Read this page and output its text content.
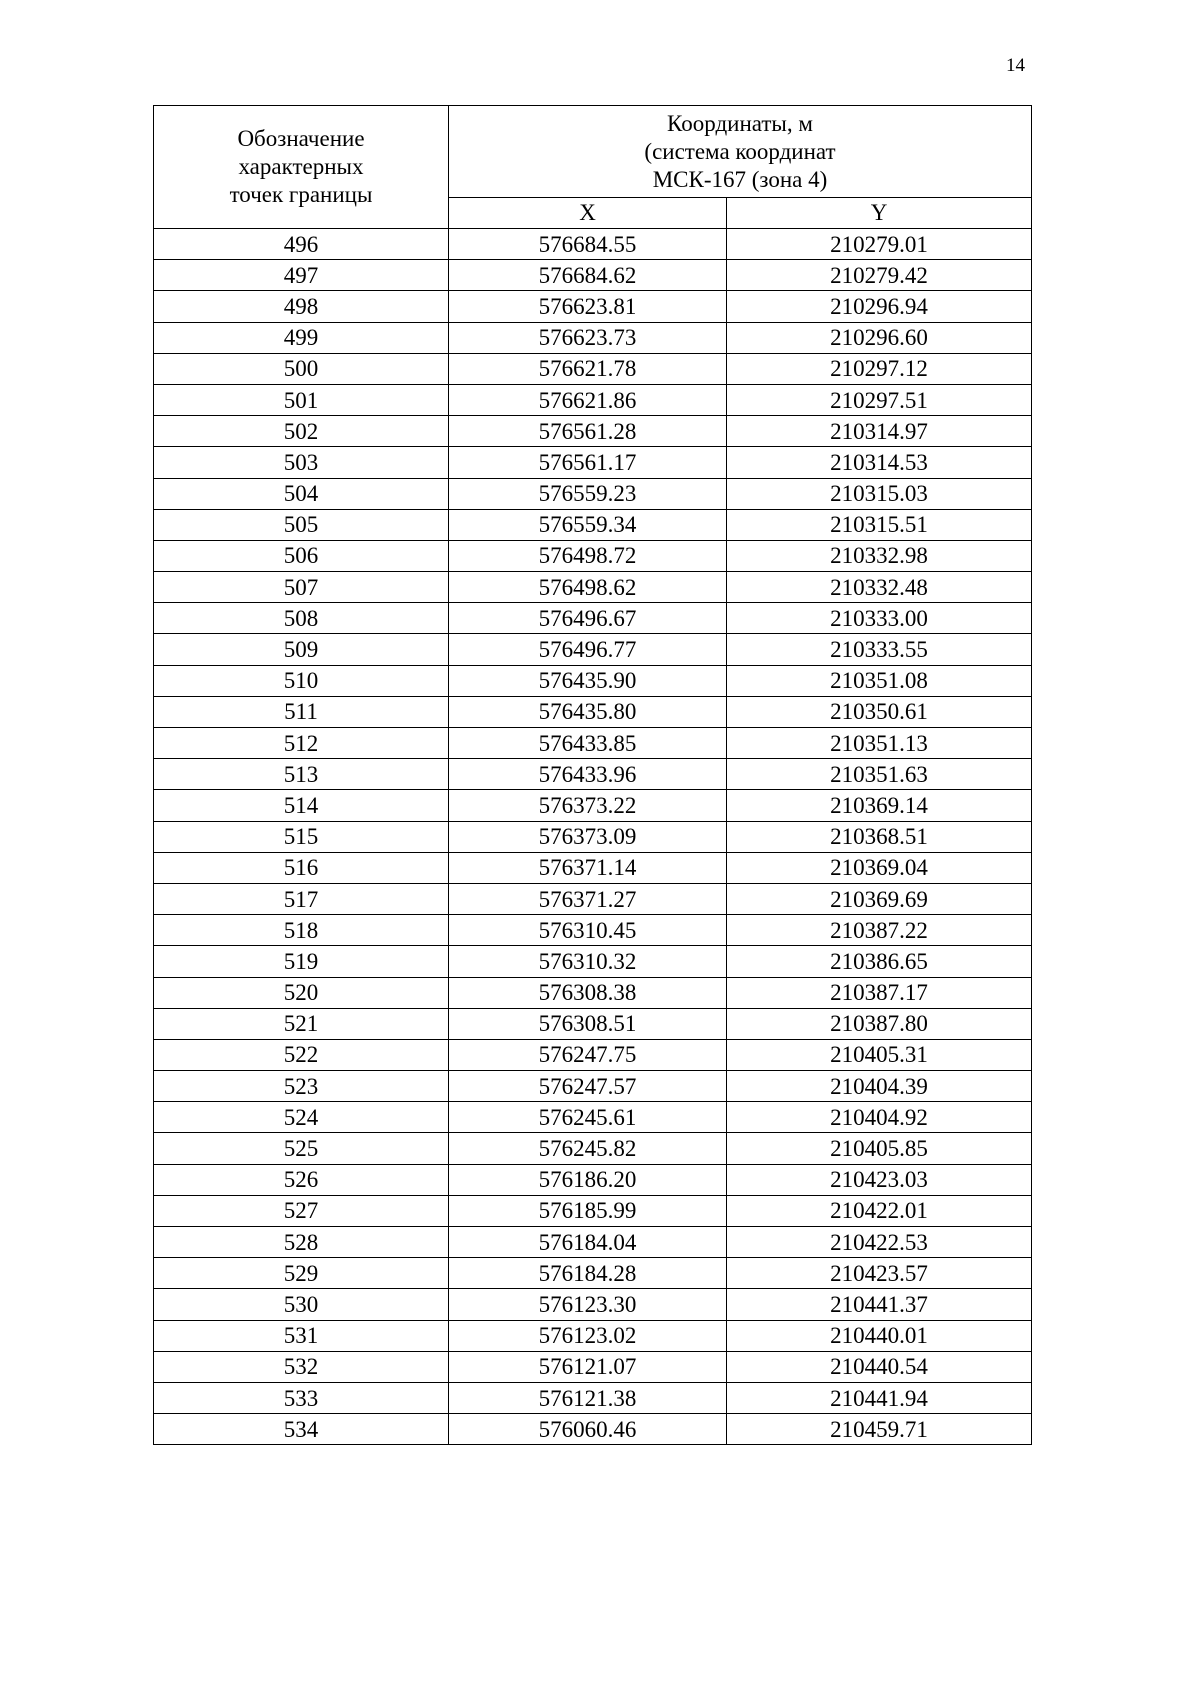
14
Обозначение
характерных
точек границы	Координаты, м
(система координат
МСК-167 (зона 4)	
	X	Y
496	576684.55	210279.01
497	576684.62	210279.42
498	576623.81	210296.94
499	576623.73	210296.60
500	576621.78	210297.12
501	576621.86	210297.51
502	576561.28	210314.97
503	576561.17	210314.53
504	576559.23	210315.03
505	576559.34	210315.51
506	576498.72	210332.98
507	576498.62	210332.48
508	576496.67	210333.00
509	576496.77	210333.55
510	576435.90	210351.08
511	576435.80	210350.61
512	576433.85	210351.13
513	576433.96	210351.63
514	576373.22	210369.14
515	576373.09	210368.51
516	576371.14	210369.04
517	576371.27	210369.69
518	576310.45	210387.22
519	576310.32	210386.65
520	576308.38	210387.17
521	576308.51	210387.80
522	576247.75	210405.31
523	576247.57	210404.39
524	576245.61	210404.92
525	576245.82	210405.85
526	576186.20	210423.03
527	576185.99	210422.01
528	576184.04	210422.53
529	576184.28	210423.57
530	576123.30	210441.37
531	576123.02	210440.01
532	576121.07	210440.54
533	576121.38	210441.94
534	576060.46	210459.71
